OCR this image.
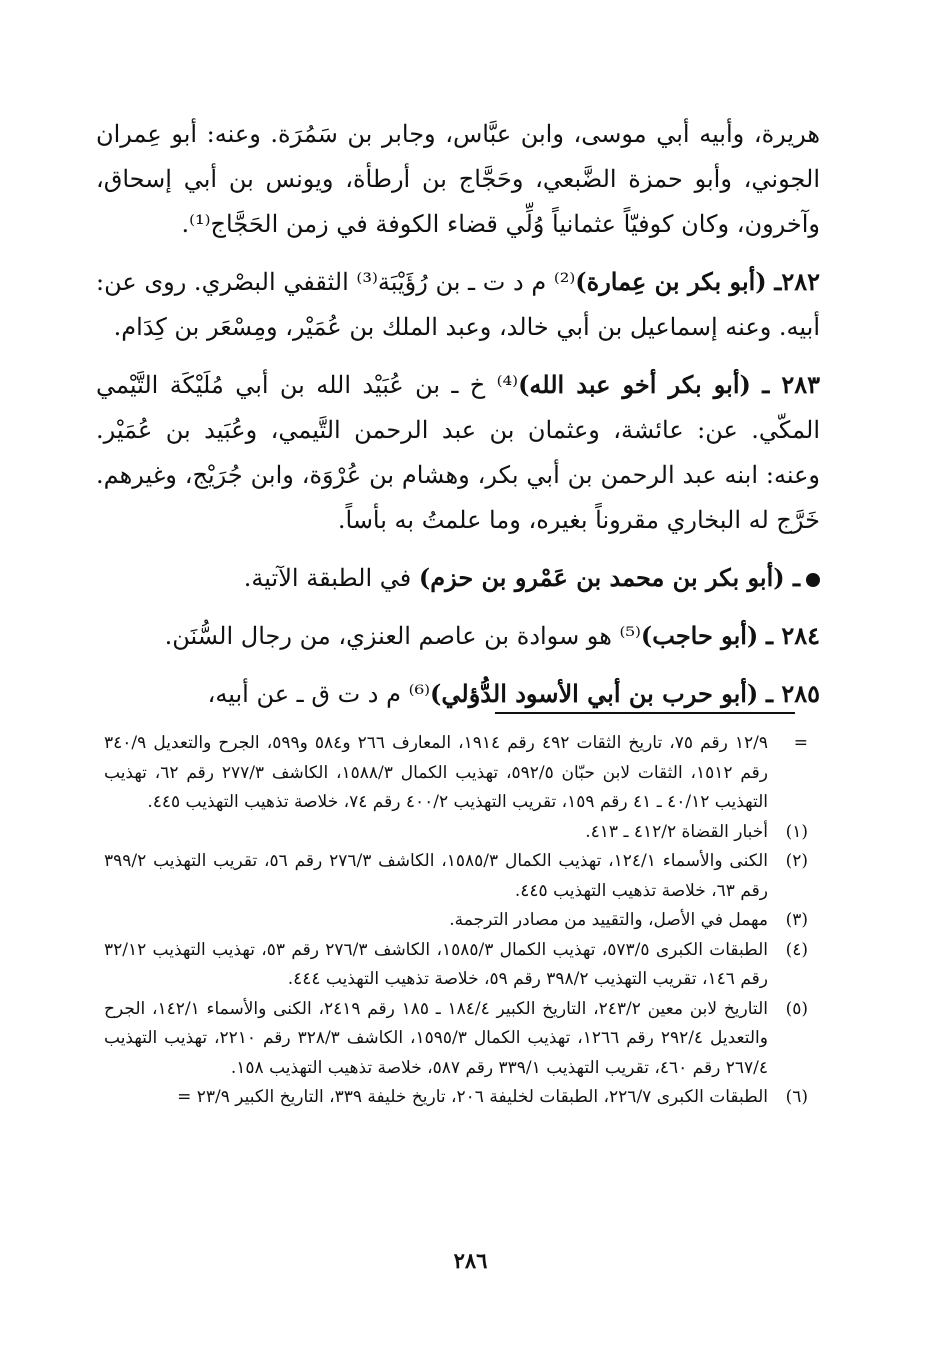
هريرة، وأبيه أبي موسى، وابن عبَّاس، وجابر بن سَمُرَة. وعنه: أبو عِمران الجوني، وأبو حمزة الضَّبعي، وحَجَّاج بن أرطأة، ويونس بن أبي إسحاق، وآخرون، وكان كوفيّاً عثمانياً وُلِّي قضاء الكوفة في زمن الحَجَّاج⁽¹⁾.

٢٨٢ـ (أبو بكر بن عِمارة)⁽²⁾ م د ت ـ بن رُؤَيْبَة⁽³⁾ الثقفي البصْري. روى عن: أبيه. وعنه إسماعيل بن أبي خالد، وعبد الملك بن عُمَيْر، ومِسْعَر بن كِدَام.

٢٨٣ ـ (أبو بكر أخو عبد الله)⁽⁴⁾ خ ـ بن عُبَيْد الله بن أبي مُلَيْكَة التَّيْمي المكّي. عن: عائشة، وعثمان بن عبد الرحمن التَّيمي، وعُبَيد بن عُمَيْر. وعنه: ابنه عبد الرحمن بن أبي بكر، وهشام بن عُرْوَة، وابن جُرَيْج، وغيرهم. خَرَّج له البخاري مقروناً بغيره، وما علمتُ به بأساً.

ـ (أبو بكر بن محمد بن عَمْرو بن حزم) في الطبقة الآتية.

٢٨٤ ـ (أبو حاجب)⁽⁵⁾ هو سوادة بن عاصم العنزي، من رجال السُّنَن.

٢٨٥ ـ (أبو حرب بن أبي الأسود الدُّؤلي)⁽⁶⁾ م د ت ق ـ عن أبيه،

=
١٢/٩ رقم ٧٥، تاريخ الثقات ٤٩٢ رقم ١٩١٤، المعارف ٢٦٦ و٥٨٤ و٥٩٩، الجرح والتعديل ٣٤٠/٩ رقم ١٥١٢، الثقات لابن حبّان ٥٩٢/٥، تهذيب الكمال ١٥٨٨/٣، الكاشف ٢٧٧/٣ رقم ٦٢، تهذيب التهذيب ٤٠/١٢ ـ ٤١ رقم ١٥٩، تقريب التهذيب ٤٠٠/٢ رقم ٧٤، خلاصة تذهيب التهذيب ٤٤٥.
(١)
أخبار القضاة ٤١٢/٢ ـ ٤١٣.
(٢)
الكنى والأسماء ١٢٤/١، تهذيب الكمال ١٥٨٥/٣، الكاشف ٢٧٦/٣ رقم ٥٦، تقريب التهذيب ٣٩٩/٢ رقم ٦٣، خلاصة تذهيب التهذيب ٤٤٥.
(٣)
مهمل في الأصل، والتقييد من مصادر الترجمة.
(٤)
الطبقات الكبرى ٥٧٣/٥، تهذيب الكمال ١٥٨٥/٣، الكاشف ٢٧٦/٣ رقم ٥٣، تهذيب التهذيب ٣٢/١٢ رقم ١٤٦، تقريب التهذيب ٣٩٨/٢ رقم ٥٩، خلاصة تذهيب التهذيب ٤٤٤.
(٥)
التاريخ لابن معين ٢٤٣/٢، التاريخ الكبير ١٨٤/٤ ـ ١٨٥ رقم ٢٤١٩، الكنى والأسماء ١٤٢/١، الجرح والتعديل ٢٩٢/٤ رقم ١٢٦٦، تهذيب الكمال ١٥٩٥/٣، الكاشف ٣٢٨/٣ رقم ٢٢١٠، تهذيب التهذيب ٢٦٧/٤ رقم ٤٦٠، تقريب التهذيب ٣٣٩/١ رقم ٥٨٧، خلاصة تذهيب التهذيب ١٥٨.
(٦)
الطبقات الكبرى ٢٢٦/٧، الطبقات لخليفة ٢٠٦، تاريخ خليفة ٣٣٩، التاريخ الكبير ٢٣/٩ =
٢٨٦
